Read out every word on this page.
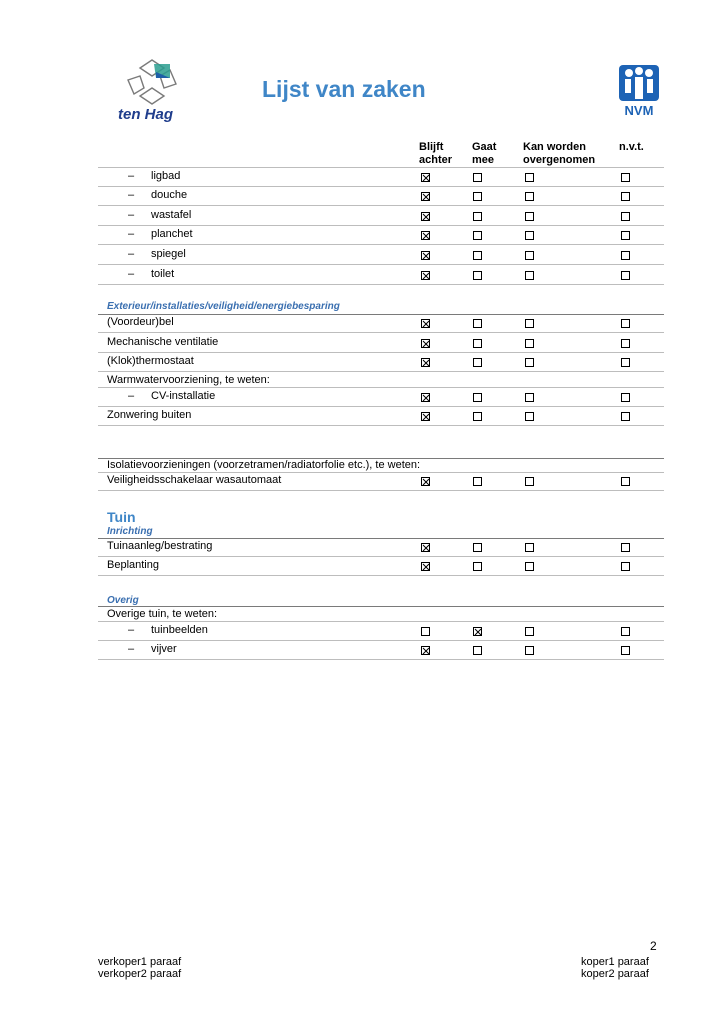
ten Hag
Lijst van zaken
NVM
Blijft
achter
Gaat
mee
Kan worden
overgenomen
n.v.t.
– ligbad
– douche
– wastafel
– planchet
– spiegel
– toilet
Exterieur/installaties/veiligheid/energiebesparing
(Voordeur)bel
Mechanische ventilatie
(Klok)thermostaat
Warmwatervoorziening, te weten:
– CV-installatie
Zonwering buiten
Isolatievoorzieningen (voorzetramen/radiatorfolie etc.), te weten:
Veiligheidsschakelaar wasautomaat
Tuin
Inrichting
Tuinaanleg/bestrating
Beplanting
Overig
Overige tuin, te weten:
– tuinbeelden
– vijver
2
verkoper1 paraaf
verkoper2 paraaf
koper1 paraaf
koper2 paraaf
